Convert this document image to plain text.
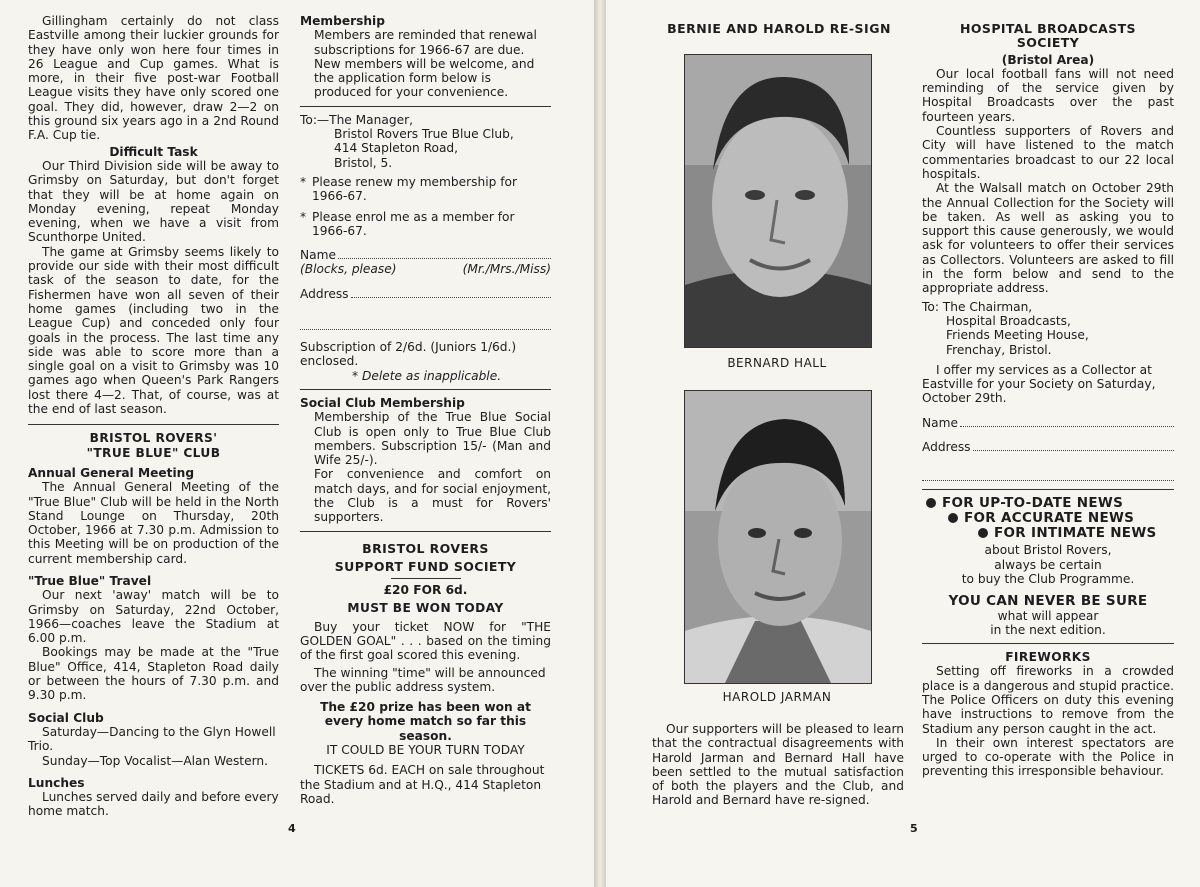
Gillingham certainly do not class Eastville among their luckier grounds for they have only won here four times in 26 League and Cup games. What is more, in their five post-war Football League visits they have only scored one goal. They did, however, draw 2—2 on this ground six years ago in a 2nd Round F.A. Cup tie.

Difficult Task

Our Third Division side will be away to Grimsby on Saturday, but don't forget that they will be at home again on Monday evening, repeat Monday evening, when we have a visit from Scunthorpe United.

The game at Grimsby seems likely to provide our side with their most difficult task of the season to date, for the Fishermen have won all seven of their home games (including two in the League Cup) and conceded only four goals in the process. The last time any side was able to score more than a single goal on a visit to Grimsby was 10 games ago when Queen's Park Rangers lost there 4—2. That, of course, was at the end of last season.

BRISTOL ROVERS'

"TRUE BLUE" CLUB

Annual General Meeting

The Annual General Meeting of the "True Blue" Club will be held in the North Stand Lounge on Thursday, 20th October, 1966 at 7.30 p.m. Admission to this Meeting will be on production of the current membership card.

"True Blue" Travel

Our next 'away' match will be to Grimsby on Saturday, 22nd October, 1966—coaches leave the Stadium at 6.00 p.m.

Bookings may be made at the "True Blue" Office, 414, Stapleton Road daily or between the hours of 7.30 p.m. and 9.30 p.m.

Social Club

Saturday—Dancing to the Glyn Howell Trio.

Sunday—Top Vocalist—Alan Western.

Lunches

Lunches served daily and before every home match.

Membership

Members are reminded that renewal subscriptions for 1966-67 are due. New members will be welcome, and the application form below is produced for your convenience.

To:—The Manager,

Bristol Rovers True Blue Club,

414 Stapleton Road,

Bristol, 5.

* Please renew my membership for 1966-67.
* Please enrol me as a member for 1966-67.
Name
(Blocks, please)	(Mr./Mrs./Miss)
Address

Subscription of 2/6d. (Juniors 1/6d.) enclosed.

* Delete as inapplicable.

Social Club Membership

Membership of the True Blue Social Club is open only to True Blue Club members. Subscription 15/- (Man and Wife 25/-).

For convenience and comfort on match days, and for social enjoyment, the Club is a must for Rovers' supporters.

BRISTOL ROVERS

SUPPORT FUND SOCIETY

£20 FOR 6d.

MUST BE WON TODAY

Buy your ticket NOW for "THE GOLDEN GOAL" . . . based on the timing of the first goal scored this evening.

The winning "time" will be announced over the public address system.

The £20 prize has been won at every home match so far this season.

IT COULD BE YOUR TURN TODAY

TICKETS 6d. EACH on sale throughout the Stadium and at H.Q., 414 Stapleton Road.

4

BERNIE AND HAROLD RE-SIGN

BERNARD HALL
HAROLD JARMAN

Our supporters will be pleased to learn that the contractual disagreements with Harold Jarman and Bernard Hall have been settled to the mutual satisfaction of both the players and the Club, and Harold and Bernard have re-signed.

5

HOSPITAL BROADCASTS

SOCIETY

(Bristol Area)

Our local football fans will not need reminding of the service given by Hospital Broadcasts over the past fourteen years.

Countless supporters of Rovers and City will have listened to the match commentaries broadcast to our 22 local hospitals.

At the Walsall match on October 29th the Annual Collection for the Society will be taken. As well as asking you to support this cause generously, we would ask for volunteers to offer their services as Collectors. Volunteers are asked to fill in the form below and send to the appropriate address.

To: The Chairman,

Hospital Broadcasts,

Friends Meeting House,

Frenchay, Bristol.

I offer my services as a Collector at Eastville for your Society on Saturday, October 29th.

Name
Address
FOR UP-TO-DATE NEWS
FOR ACCURATE NEWS
FOR INTIMATE NEWS

about Bristol Rovers,

always be certain

to buy the Club Programme.

YOU CAN NEVER BE SURE

what will appear

in the next edition.

FIREWORKS

Setting off fireworks in a crowded place is a dangerous and stupid practice. The Police Officers on duty this evening have instructions to remove from the Stadium any person caught in the act.

In their own interest spectators are urged to co-operate with the Police in preventing this irresponsible behaviour.
